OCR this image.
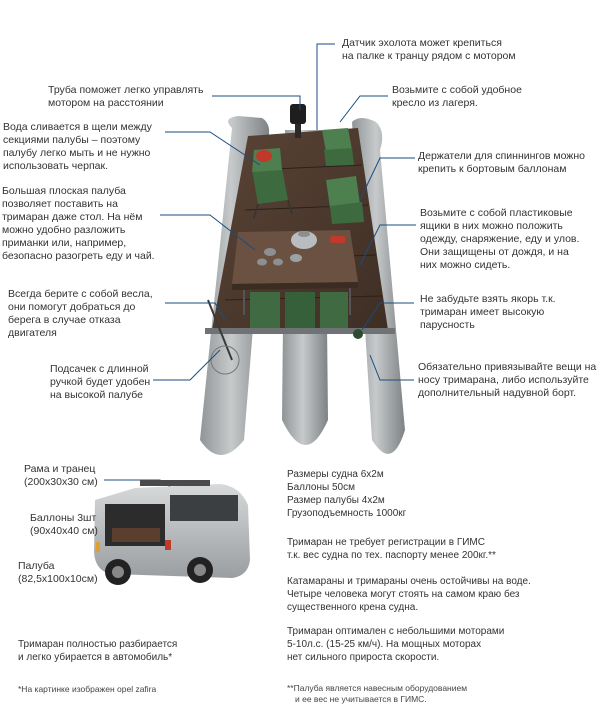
Датчик эхолота может крепиться
на палке к транцу рядом с мотором
Труба поможет легко управлять
мотором на расстоянии
Возьмите с собой удобное
кресло из лагеря.
Вода сливается в щели между
секциями палубы – поэтому
палубу легко мыть и не нужно
использовать черпак.
Держатели для спиннингов можно
крепить к бортовым баллонам
Большая плоская палуба
позволяет поставить на
тримаран даже стол. На нём
можно удобно разложить
приманки или, например,
безопасно разогреть еду и чай.
Возьмите с собой пластиковые
ящики в них можно положить
одежду, снаряжение, еду и улов.
Они защищены от дождя, и на
них можно сидеть.
Всегда берите с собой весла,
они помогут добраться до
берега в случае отказа
двигателя
Не забудьте взять якорь т.к.
тримаран имеет высокую
парусность
Подсачек с длинной
ручкой будет удобен
на высокой палубе
Обязательно привязывайте вещи на
носу тримарана, либо используйте
дополнительный надувной борт.
Рама и транец
(200x30x30 см)
Баллоны 3шт
(90x40x40 см)
Палуба
(82,5x100x10см)
Размеры судна 6x2м
Баллоны 50см
Размер палубы 4x2м
Грузоподъемность 1000кг
Тримаран не требует регистрации в ГИМС
т.к. вес судна по тех. паспорту менее 200кг.**
Катамараны и тримараны очень остойчивы на воде.
Четыре человека могут стоять на самом краю без
существенного крена судна.
Тримаран оптимален с небольшими моторами
5-10л.с. (15-25 км/ч). На мощных моторах
нет сильного прироста скорости.
Тримаран полностью разбирается
и легко убирается в автомобиль*
*На картинке изображен opel zafira	**Палуба является навесным оборудованием
и ее вес не учитывается в ГИМС.
